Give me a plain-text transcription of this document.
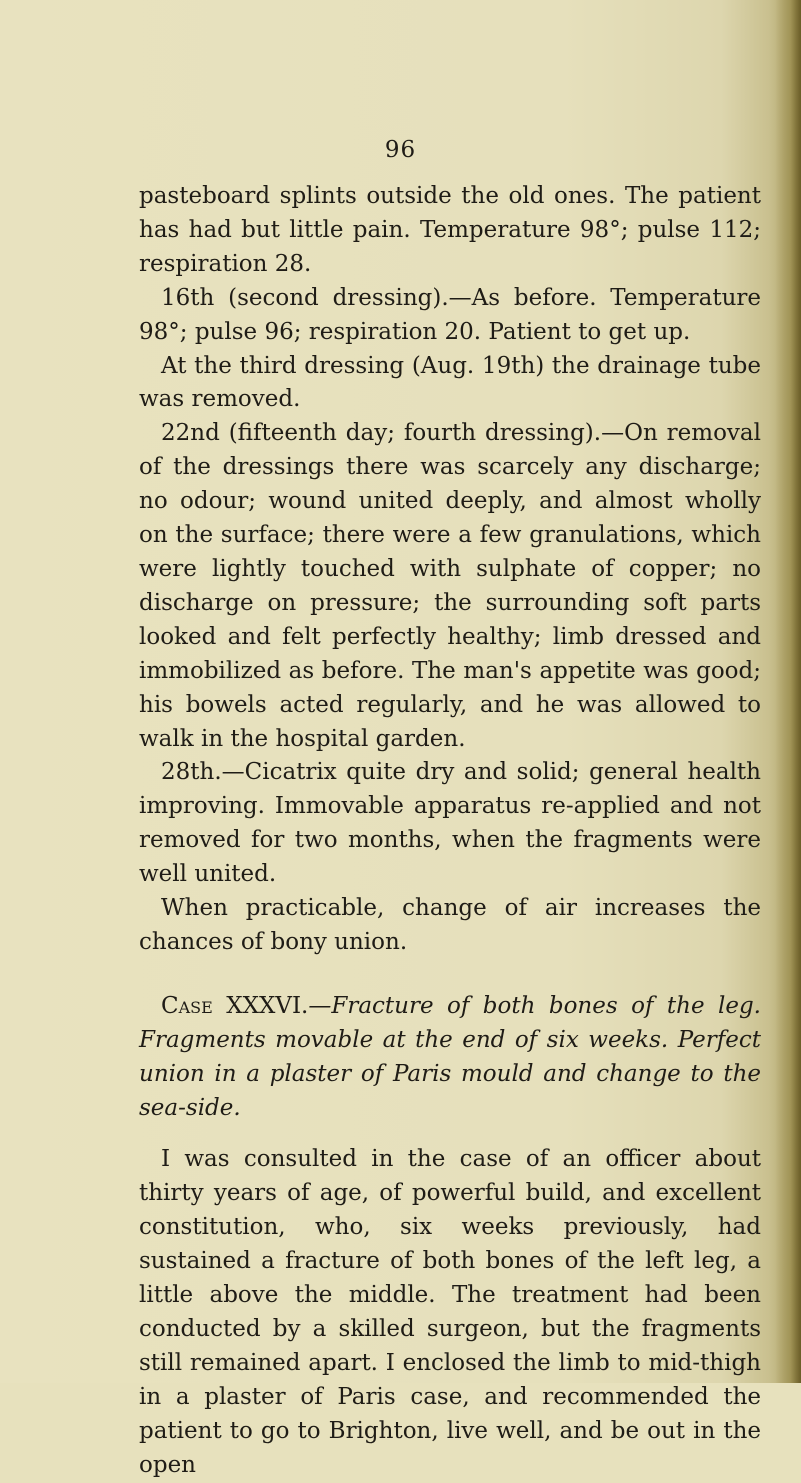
96

pasteboard splints outside the old ones. The patient has had but little pain. Temperature 98°; pulse 112; respiration 28.

16th (second dressing).—As before. Temperature 98°; pulse 96; respiration 20. Patient to get up.

At the third dressing (Aug. 19th) the drainage tube was removed.

22nd (fifteenth day; fourth dressing).—On removal of the dressings there was scarcely any discharge; no odour; wound united deeply, and almost wholly on the surface; there were a few granulations, which were lightly touched with sulphate of copper; no discharge on pressure; the surrounding soft parts looked and felt perfectly healthy; limb dressed and immobilized as before. The man's appetite was good; his bowels acted regularly, and he was allowed to walk in the hospital garden.

28th.—Cicatrix quite dry and solid; general health improving. Immovable apparatus re-applied and not removed for two months, when the fragments were well united.

When practicable, change of air increases the chances of bony union.

Case XXXVI.—Fracture of both bones of the leg. Fragments movable at the end of six weeks. Perfect union in a plaster of Paris mould and change to the sea-side.

I was consulted in the case of an officer about thirty years of age, of powerful build, and excellent constitution, who, six weeks previously, had sustained a fracture of both bones of the left leg, a little above the middle. The treatment had been conducted by a skilled surgeon, but the fragments still remained apart. I enclosed the limb to mid-thigh in a plaster of Paris case, and recommended the patient to go to Brighton, live well, and be out in the open
